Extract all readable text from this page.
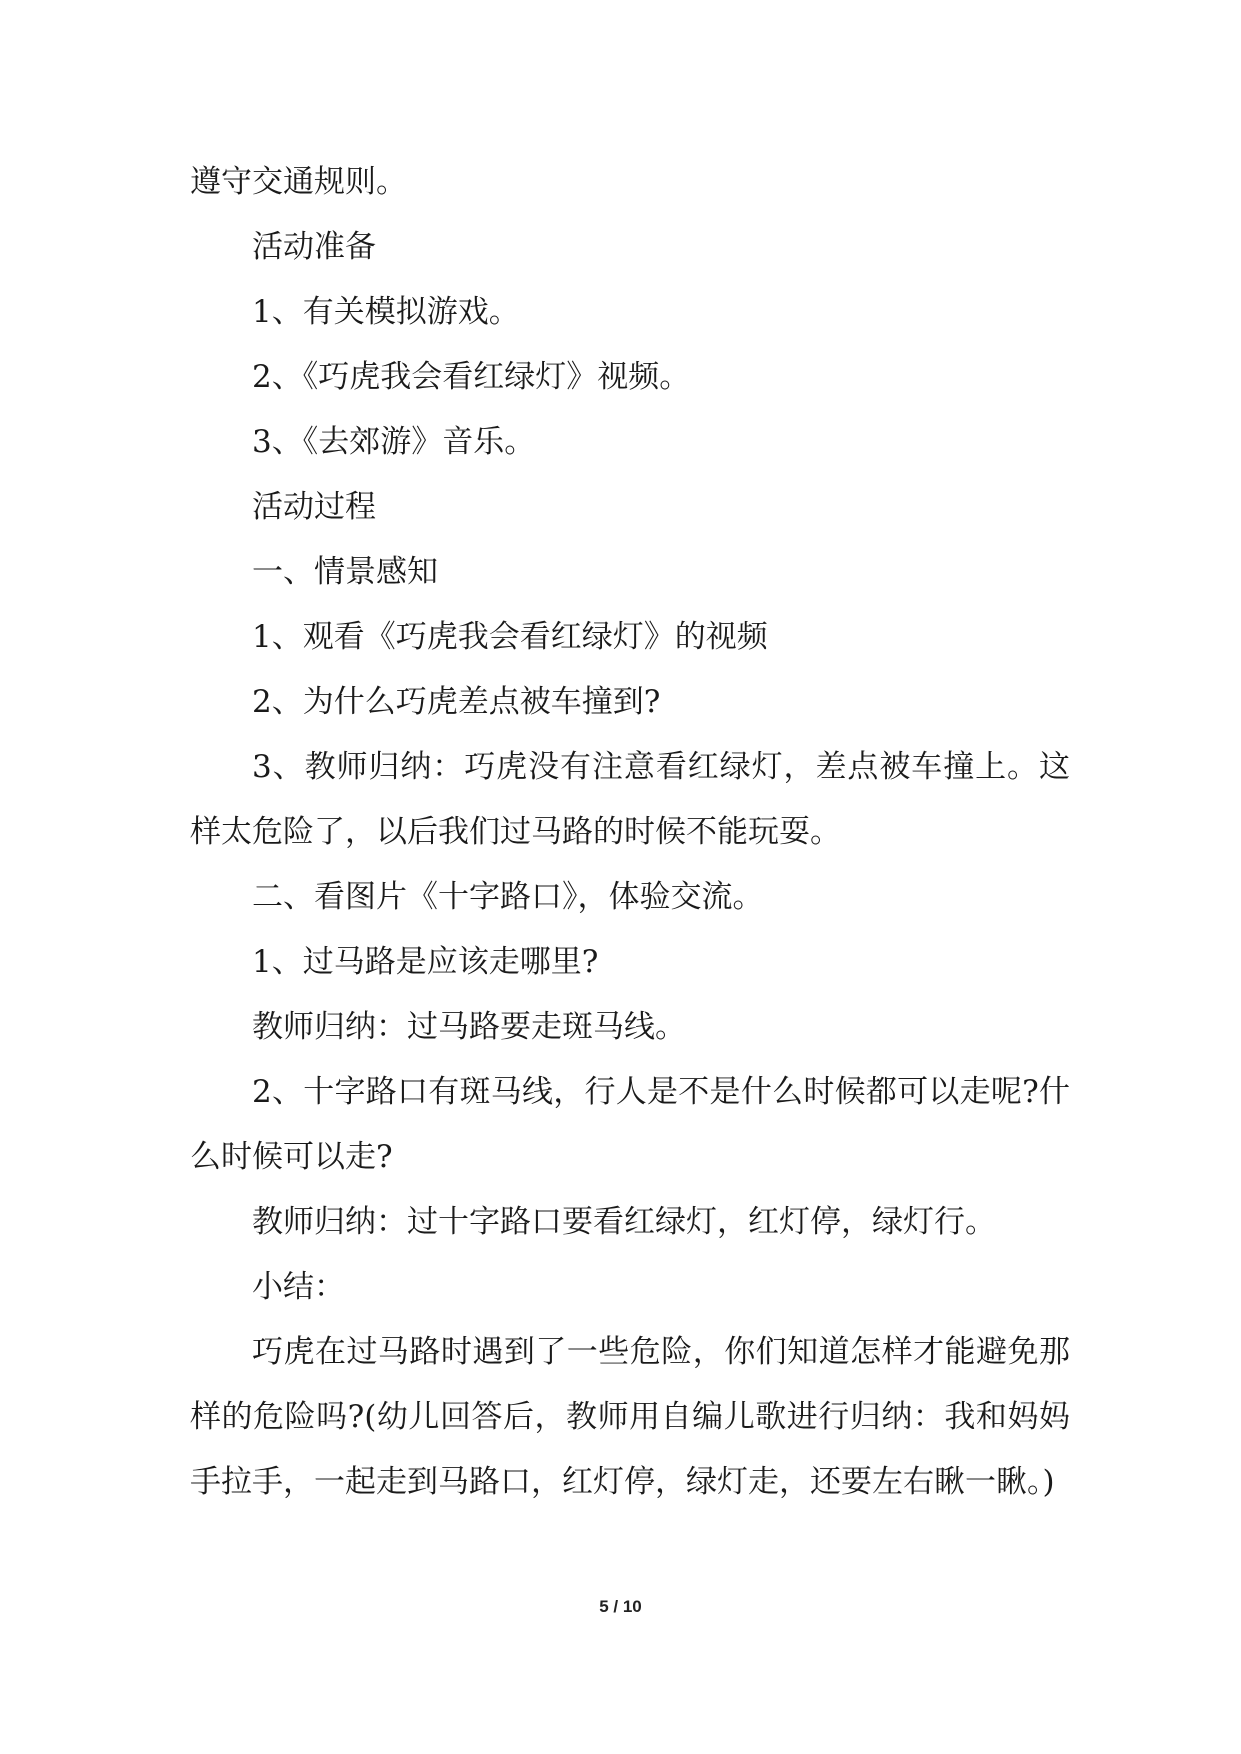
遵守交通规则。

活动准备

1、有关模拟游戏。

2、《巧虎我会看红绿灯》视频。

3、《去郊游》音乐。

活动过程

一、情景感知

1、观看《巧虎我会看红绿灯》的视频

2、为什么巧虎差点被车撞到?

3、教师归纳：巧虎没有注意看红绿灯，差点被车撞上。这样太危险了，以后我们过马路的时候不能玩耍。

二、看图片《十字路口》，体验交流。

1、过马路是应该走哪里?

教师归纳：过马路要走斑马线。

2、十字路口有斑马线，行人是不是什么时候都可以走呢?什么时候可以走?

教师归纳：过十字路口要看红绿灯，红灯停，绿灯行。

小结：

巧虎在过马路时遇到了一些危险，你们知道怎样才能避免那样的危险吗?(幼儿回答后，教师用自编儿歌进行归纳：我和妈妈手拉手，一起走到马路口，红灯停，绿灯走，还要左右瞅一瞅。)

5 / 10
